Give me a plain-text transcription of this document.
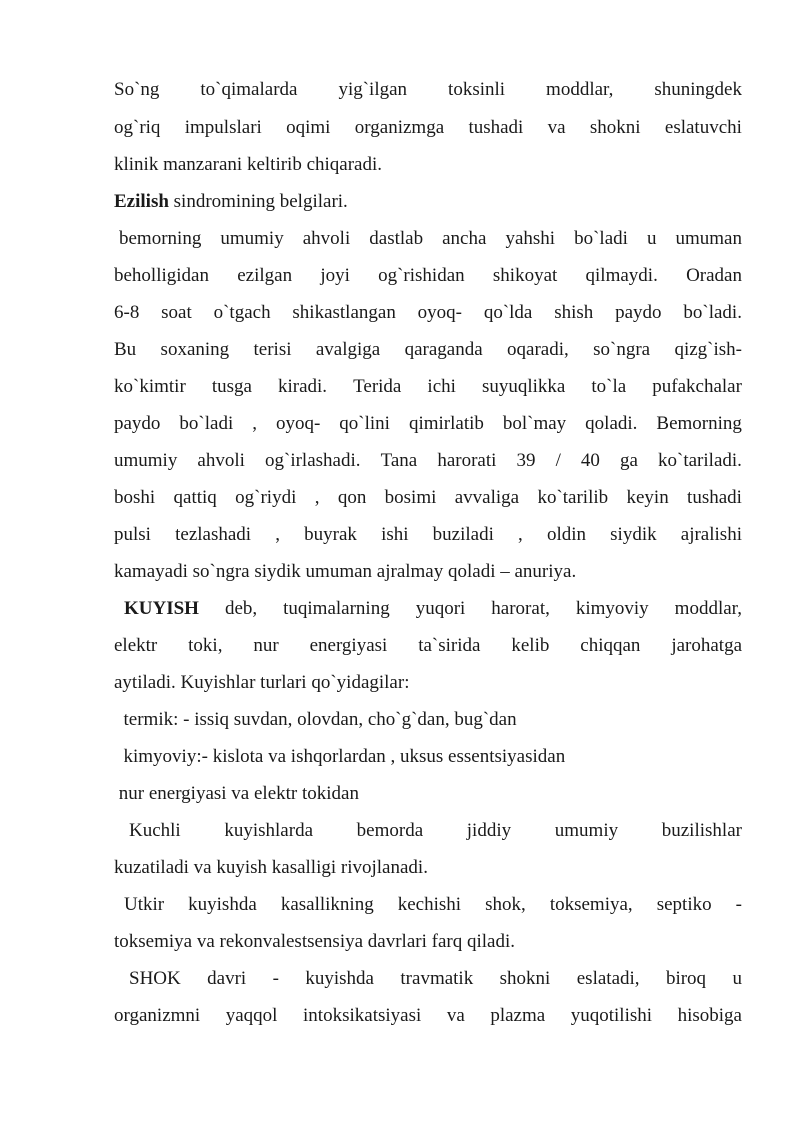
So`ng to`qimalarda yig`ilgan toksinli moddlar, shuningdek
og`riq impulslari oqimi organizmga tushadi va shokni eslatuvchi
klinik manzarani keltirib chiqaradi.
Ezilish sindromining belgilari.
bemorning umumiy ahvoli dastlab ancha yahshi bo`ladi u umuman
beholligidan ezilgan joyi og`rishidan shikoyat qilmaydi. Oradan
6-8 soat o`tgach shikastlangan oyoq- qo`lda shish paydo bo`ladi.
Bu soxaning terisi avalgiga qaraganda oqaradi, so`ngra qizg`ish-
ko`kimtir tusga kiradi. Terida ichi suyuqlikka to`la pufakchalar
paydo bo`ladi , oyoq- qo`lini qimirlatib bol`may qoladi. Bemorning
umumiy ahvoli og`irlashadi. Tana harorati 39 / 40 ga ko`tariladi.
boshi qattiq og`riydi , qon bosimi avvaliga ko`tarilib keyin tushadi
pulsi tezlashadi , buyrak ishi buziladi , oldin siydik ajralishi
kamayadi so`ngra siydik umuman ajralmay qoladi – anuriya.
KUYISH deb, tuqimalarning yuqori harorat, kimyoviy moddlar,
elektr toki, nur energiyasi ta`sirida kelib chiqqan jarohatga
aytiladi. Kuyishlar turlari qo`yidagilar:
termik: - issiq suvdan, olovdan, cho`g`dan, bug`dan
kimyoviy:- kislota va ishqorlardan , uksus essentsiyasidan
nur energiyasi va elektr tokidan
Kuchli kuyishlarda bemorda jiddiy umumiy buzilishlar
kuzatiladi va kuyish kasalligi rivojlanadi.
Utkir kuyishda kasallikning kechishi shok, toksemiya, septiko -
toksemiya va rekonvalestsensiya davrlari farq qiladi.
SHOK davri - kuyishda travmatik shokni eslatadi, biroq u
organizmni yaqqol intoksikatsiyasi va plazma yuqotilishi hisobiga
